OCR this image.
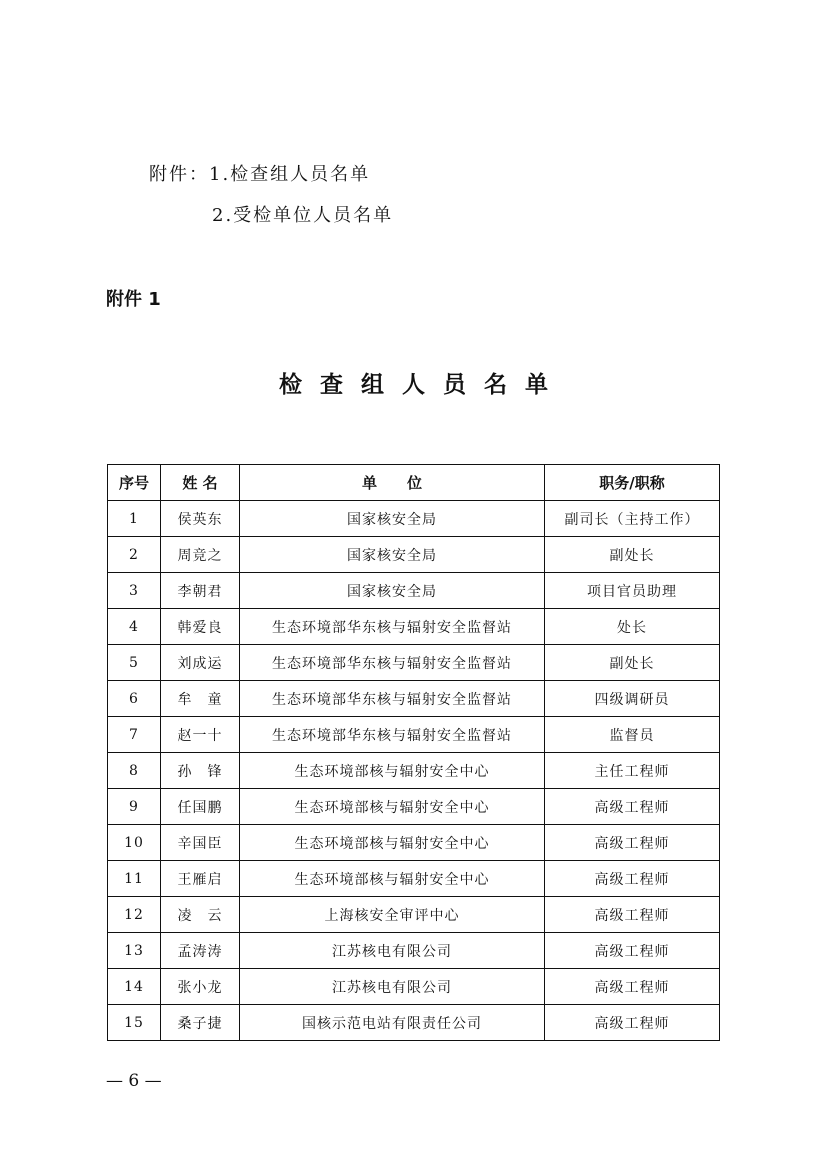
附件：1.检查组人员名单
2.受检单位人员名单
附件 1
检查组人员名单
序号	姓 名	单　　位	职务/职称
1	侯英东	国家核安全局	副司长（主持工作）
2	周竞之	国家核安全局	副处长
3	李朝君	国家核安全局	项目官员助理
4	韩爱良	生态环境部华东核与辐射安全监督站	处长
5	刘成运	生态环境部华东核与辐射安全监督站	副处长
6	牟　童	生态环境部华东核与辐射安全监督站	四级调研员
7	赵一十	生态环境部华东核与辐射安全监督站	监督员
8	孙　锋	生态环境部核与辐射安全中心	主任工程师
9	任国鹏	生态环境部核与辐射安全中心	高级工程师
10	辛国臣	生态环境部核与辐射安全中心	高级工程师
11	王雁启	生态环境部核与辐射安全中心	高级工程师
12	凌　云	上海核安全审评中心	高级工程师
13	孟涛涛	江苏核电有限公司	高级工程师
14	张小龙	江苏核电有限公司	高级工程师
15	桑子捷	国核示范电站有限责任公司	高级工程师
— 6 —
